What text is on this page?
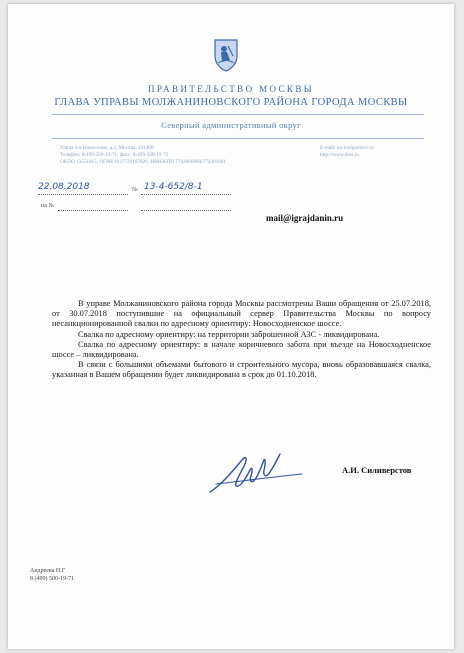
ПРАВИТЕЛЬСТВО МОСКВЫ
ГЛАВА УПРАВЫ МОЛЖАНИНОВСКОГО РАЙОНА ГОРОДА МОСКВЫ
Северный административный округ
Улица 4-я Новоселки, д.2, Москва, 141400
Телефон: 8-499-500-19-71, факс: 8-499-500-19-72
ОКПО 13551815, ОГРН 1027739107826, ИНН/КПП 7743066869/774301001
E-mail: uo-molganinov.ru
http://www.mos.ru
22.08.2018	№ 13-4-652/8-1
на №
mail@igrajdanin.ru

В управе Молжаниновского района города Москвы рассмотрены Ваши обращения от 25.07.2018, от 30.07.2018 поступившие на официальный сервер Правительства Москвы по вопросу несанкционированной свалки по адресному ориентиру: Новосходненское шоссе.

Свалка по адресному ориентиру: на территории заброшенной АЗС - ликвидирована.

Свалка по адресному ориентиру: в начале коричневого забота при въезде на Новосходненское шоссе – ликвидирована.

В связи с большими объемами бытового и строительного мусора, вновь образовавшаяся свалка, указанная в Вашем обращении будет ликвидирована в срок до 01.10.2018.

А.И. Силиверстов
Андреева Н.Г
8 (499) 500-19-71
